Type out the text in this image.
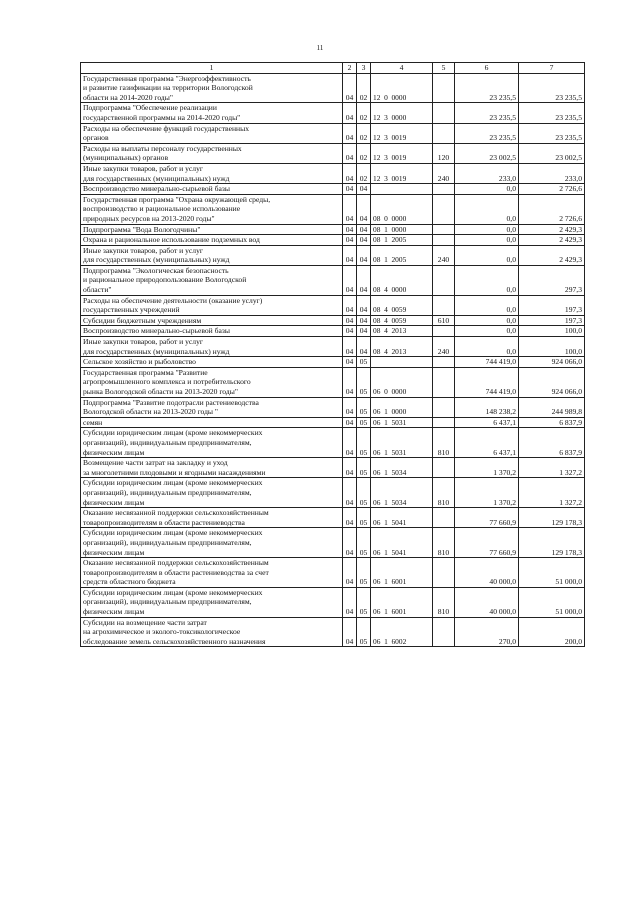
11
1	2	3	4	5	6	7
Государственная программа "Энергоэффективность
и развитие газификации на территории Вологодской
области на 2014-2020 годы"	04	02	12  0  0000		23 235,5	23 235,5
Подпрограмма "Обеспечение реализации
государственной программы на 2014-2020 годы"	04	02	12  3  0000		23 235,5	23 235,5
Расходы на обеспечение функций государственных
органов	04	02	12  3  0019		23 235,5	23 235,5
Расходы на выплаты персоналу государственных
(муниципальных) органов	04	02	12  3  0019	120	23 002,5	23 002,5
Иные закупки товаров, работ и услуг
для государственных (муниципальных) нужд	04	02	12  3  0019	240	233,0	233,0
Воспроизводство минерально-сырьевой базы	04	04			0,0	2 726,6
Государственная программа "Охрана окружающей среды,
воспроизводство и рациональное использование
природных ресурсов на 2013-2020 годы"	04	04	08  0  0000		0,0	2 726,6
Подпрограмма "Вода Вологодчины"	04	04	08  1  0000		0,0	2 429,3
Охрана и рациональное использование подземных вод	04	04	08  1  2005		0,0	2 429,3
Иные закупки товаров, работ и услуг
для государственных (муниципальных) нужд	04	04	08  1  2005	240	0,0	2 429,3
Подпрограмма "Экологическая безопасность
и рациональное природопользование Вологодской
области"	04	04	08  4  0000		0,0	297,3
Расходы на обеспечение деятельности (оказание услуг)
государственных учреждений	04	04	08  4  0059		0,0	197,3
Субсидии бюджетным учреждениям	04	04	08  4  0059	610	0,0	197,3
Воспроизводство минерально-сырьевой базы	04	04	08  4  2013		0,0	100,0
Иные закупки товаров, работ и услуг
для государственных (муниципальных) нужд	04	04	08  4  2013	240	0,0	100,0
Сельское хозяйство и рыболовство	04	05			744 419,0	924 066,0
Государственная программа "Развитие
агропромышленного комплекса и потребительского
рынка Вологодской области на 2013-2020 годы"	04	05	06  0  0000		744 419,0	924 066,0
Подпрограмма "Развитие подотрасли растениеводства
Вологодской области на 2013-2020 годы "	04	05	06  1  0000		148 238,2	244 989,8
семян	04	05	06  1  5031		6 437,1	6 837,9
Субсидии юридическим лицам (кроме некоммерческих
организаций), индивидуальным предпринимателям,
физическим лицам	04	05	06  1  5031	810	6 437,1	6 837,9
Возмещение части затрат на закладку и уход
за многолетними плодовыми и ягодными насаждениями	04	05	06  1  5034		1 370,2	1 327,2
Субсидии юридическим лицам (кроме некоммерческих
организаций), индивидуальным предпринимателям,
физическим лицам	04	05	06  1  5034	810	1 370,2	1 327,2
Оказание несвязанной поддержки сельскохозяйственным
товаропроизводителям в области растениеводства	04	05	06  1  5041		77 660,9	129 178,3
Субсидии юридическим лицам (кроме некоммерческих
организаций), индивидуальным предпринимателям,
физическим лицам	04	05	06  1  5041	810	77 660,9	129 178,3
Оказание несвязанной поддержки сельскохозяйственным
товаропроизводителям в области растениеводства за счет
средств областного бюджета	04	05	06  1  6001		40 000,0	51 000,0
Субсидии юридическим лицам (кроме некоммерческих
организаций), индивидуальным предпринимателям,
физическим лицам	04	05	06  1  6001	810	40 000,0	51 000,0
Субсидии на возмещение части затрат
на агрохимическое и эколого-токсикологическое
обследование земель сельскохозяйственного назначения	04	05	06  1  6002		270,0	200,0
